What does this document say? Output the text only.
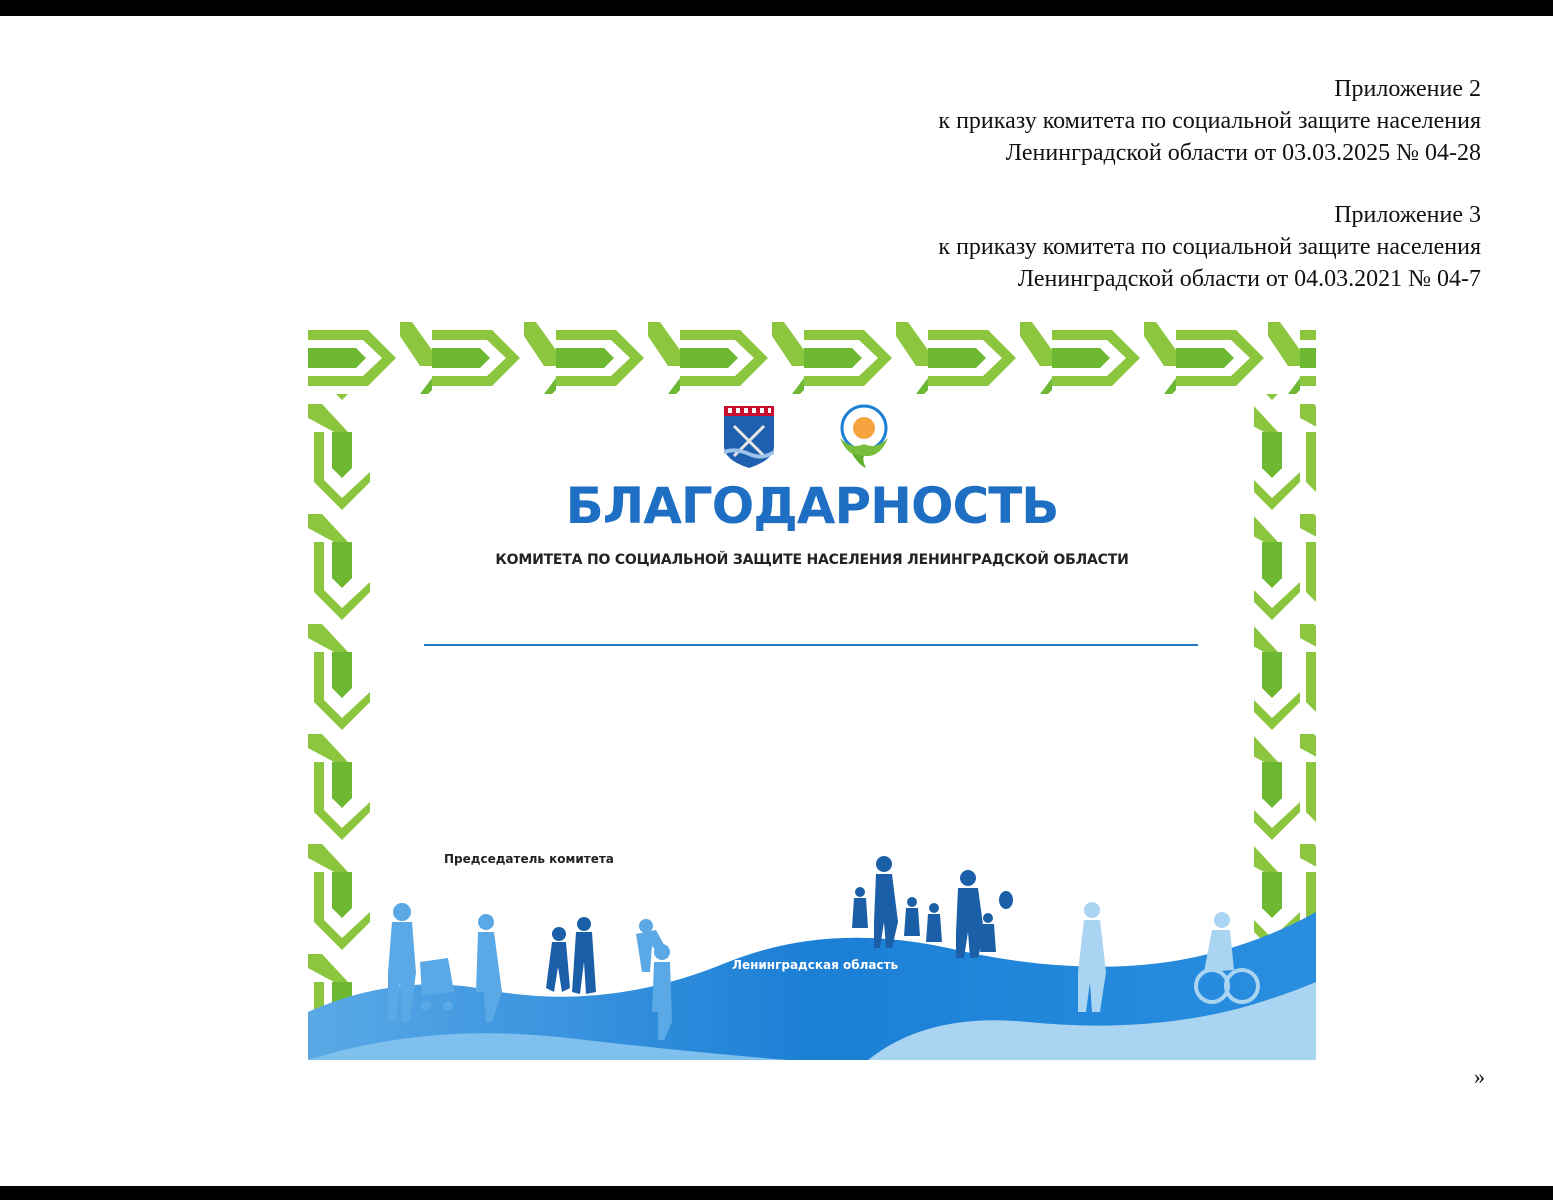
Приложение 2
к приказу комитета по социальной защите населения
Ленинградской области от 03.03.2025 № 04-28
Приложение 3
к приказу комитета по социальной защите населения
Ленинградской области от 04.03.2021 № 04-7
БЛАГОДАРНОСТЬ
КОМИТЕТА ПО СОЦИАЛЬНОЙ ЗАЩИТЕ НАСЕЛЕНИЯ ЛЕНИНГРАДСКОЙ ОБЛАСТИ
Председатель комитета
Ленинградская область
»
